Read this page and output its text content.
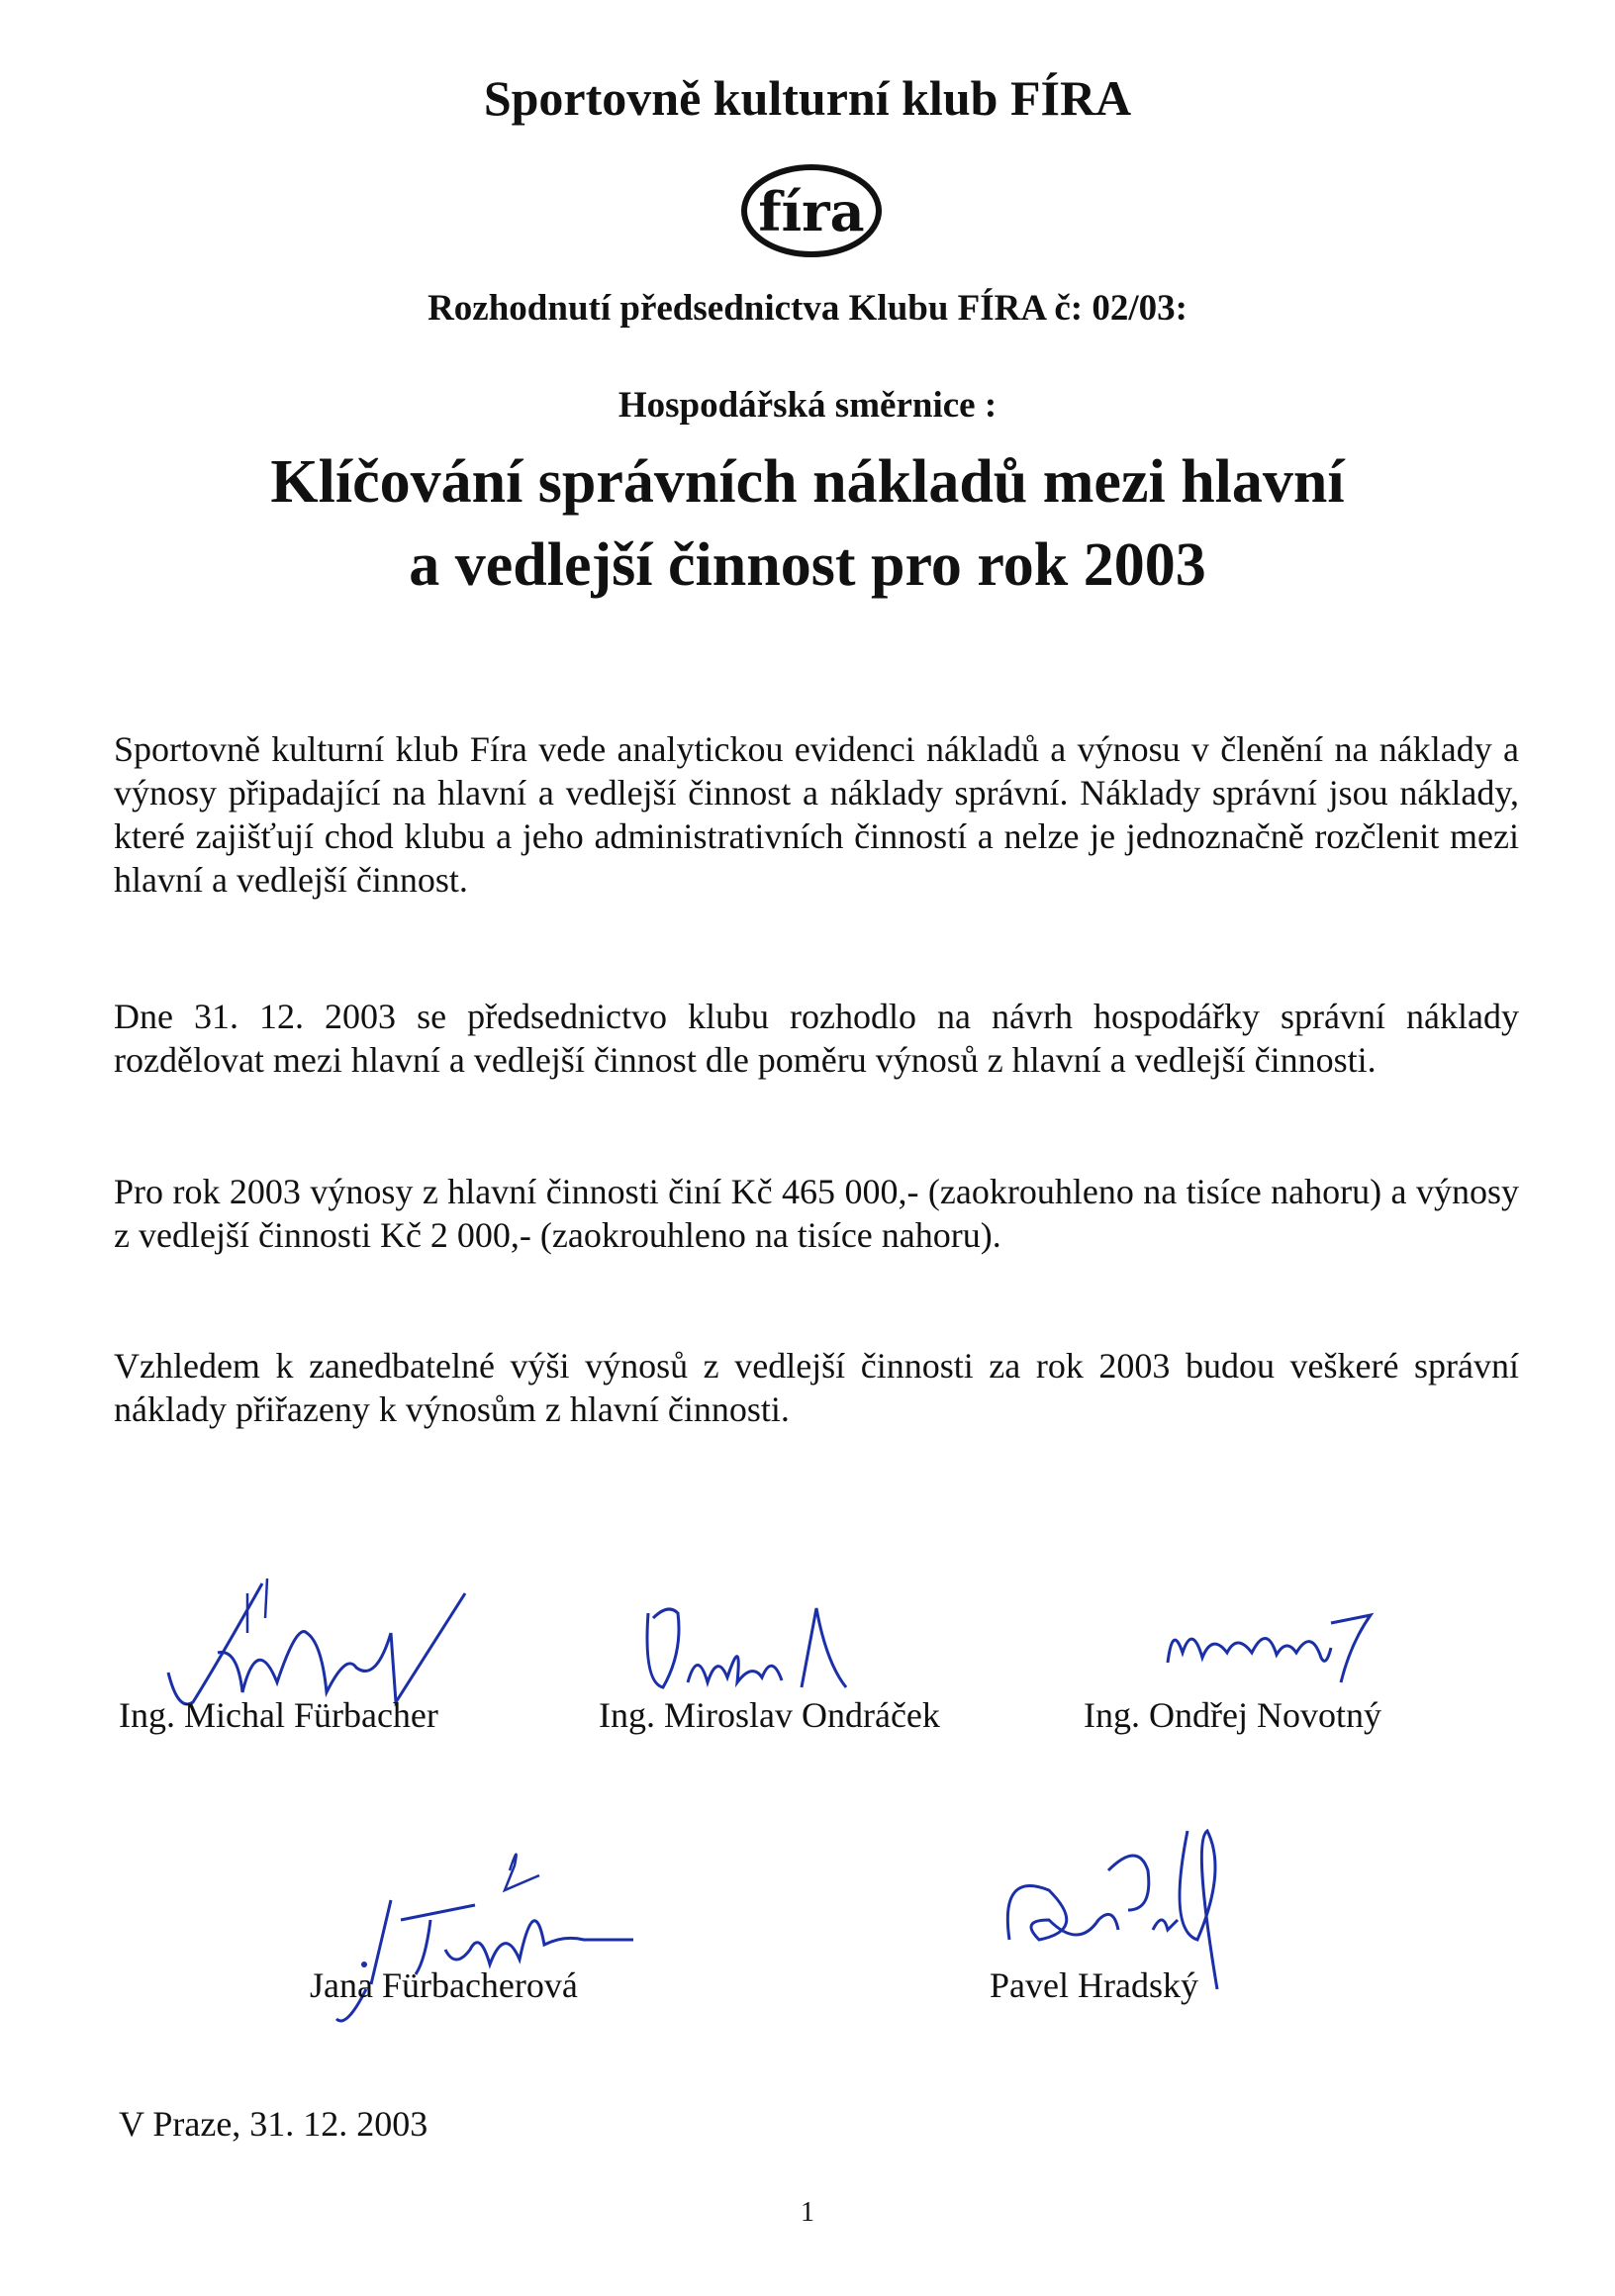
Sportovně kulturní klub FÍRA
fíra
Rozhodnutí předsednictva Klubu FÍRA č: 02/03:
Hospodářská směrnice :
Klíčování správních nákladů mezi hlavní
a vedlejší činnost pro rok 2003
Sportovně kulturní klub Fíra vede analytickou evidenci nákladů a výnosu v členění na náklady a výnosy připadající na hlavní a vedlejší činnost a náklady správní. Náklady správní jsou náklady, které zajišťují chod klubu a jeho administrativních činností a nelze je jednoznačně rozčlenit mezi hlavní a vedlejší činnost.
Dne 31. 12. 2003 se předsednictvo klubu rozhodlo na návrh hospodářky správní náklady rozdělovat mezi hlavní a vedlejší činnost dle poměru výnosů z hlavní a vedlejší činnosti.
Pro rok 2003 výnosy z hlavní činnosti činí Kč 465 000,- (zaokrouhleno na tisíce nahoru) a výnosy z vedlejší činnosti Kč 2 000,- (zaokrouhleno na tisíce nahoru).
Vzhledem k zanedbatelné výši výnosů z vedlejší činnosti za rok 2003 budou veškeré správní náklady přiřazeny k výnosům z hlavní činnosti.
Ing. Michal Fürbacher	Ing. Miroslav Ondráček	Ing. Ondřej Novotný
Jana Fürbacherová	Pavel Hradský
V Praze, 31. 12. 2003
1
